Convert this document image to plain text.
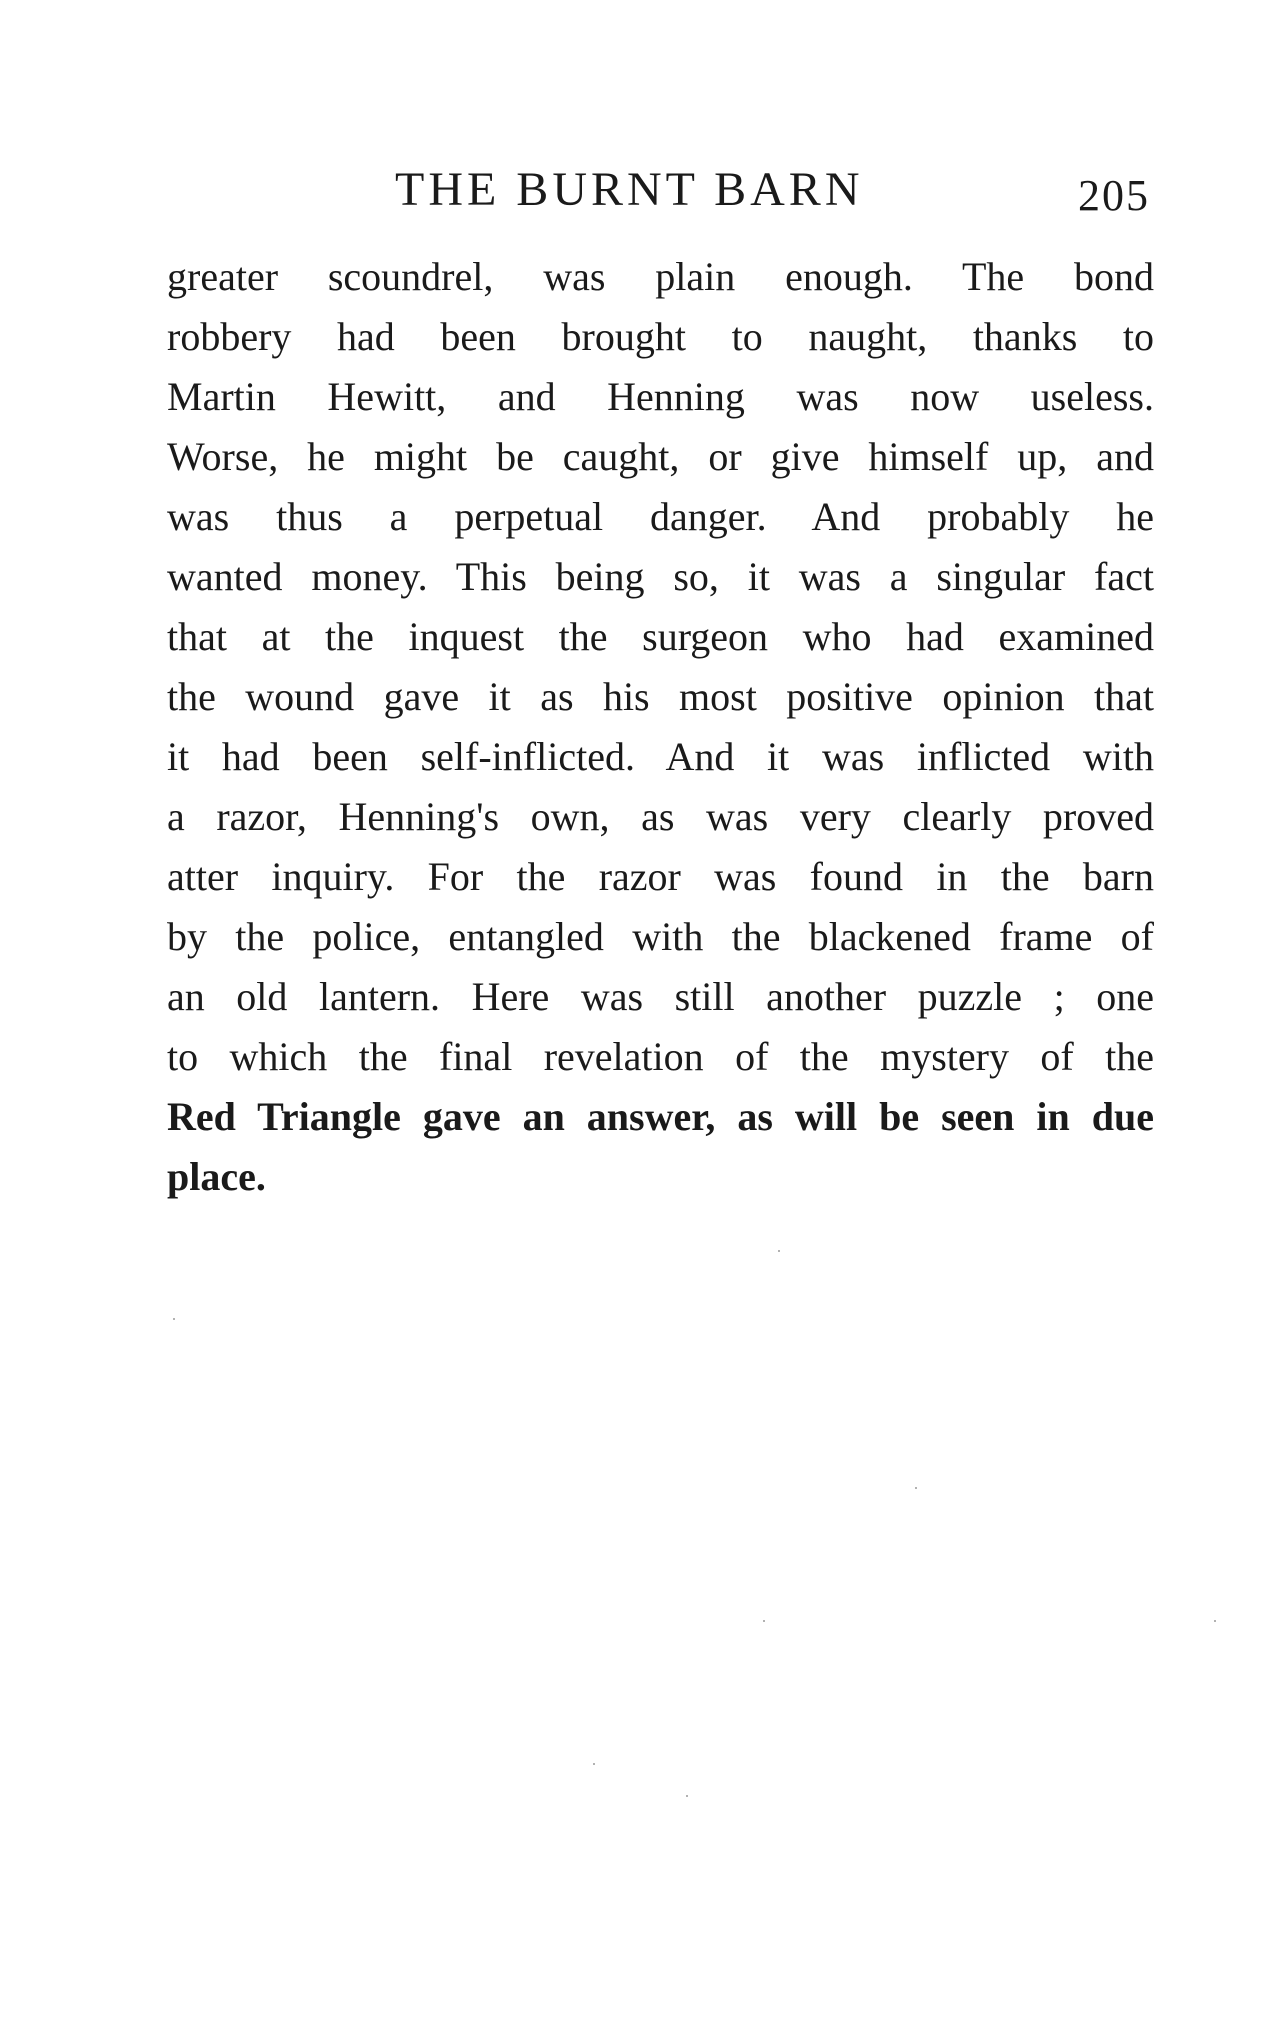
THE BURNT BARN	205
greater scoundrel, was plain enough. The bond
robbery had been brought to naught, thanks to
Martin Hewitt, and Henning was now useless.
Worse, he might be caught, or give himself up, and
was thus a perpetual danger. And probably he
wanted money. This being so, it was a singular fact
that at the inquest the surgeon who had examined
the wound gave it as his most positive opinion that
it had been self-inflicted. And it was inflicted with
a razor, Henning's own, as was very clearly proved
atter inquiry. For the razor was found in the barn
by the police, entangled with the blackened frame of
an old lantern. Here was still another puzzle ; one
to which the final revelation of the mystery of the
Red Triangle gave an answer, as will be seen in due
place.
